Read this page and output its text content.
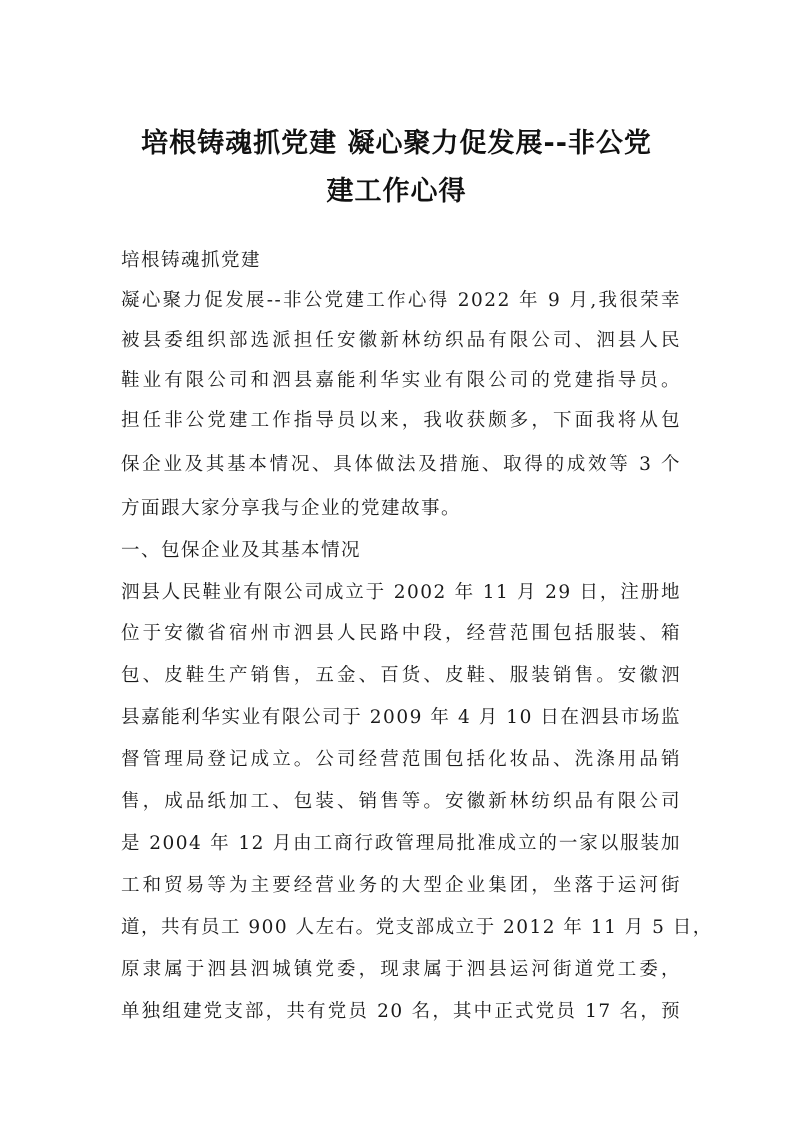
培根铸魂抓党建 凝心聚力促发展--非公党
建工作心得

培根铸魂抓党建

凝心聚力促发展--非公党建工作心得 2022 年 9 月,我很荣幸

被县委组织部选派担任安徽新林纺织品有限公司、泗县人民

鞋业有限公司和泗县嘉能利华实业有限公司的党建指导员。

担任非公党建工作指导员以来，我收获颇多，下面我将从包

保企业及其基本情况、具体做法及措施、取得的成效等 3 个

方面跟大家分享我与企业的党建故事。

一、包保企业及其基本情况

泗县人民鞋业有限公司成立于 2002 年 11 月 29 日，注册地

位于安徽省宿州市泗县人民路中段，经营范围包括服装、箱

包、皮鞋生产销售，五金、百货、皮鞋、服装销售。安徽泗

县嘉能利华实业有限公司于 2009 年 4 月 10 日在泗县市场监

督管理局登记成立。公司经营范围包括化妆品、洗涤用品销

售，成品纸加工、包装、销售等。安徽新林纺织品有限公司

是 2004 年 12 月由工商行政管理局批准成立的一家以服装加

工和贸易等为主要经营业务的大型企业集团，坐落于运河街

道，共有员工 900 人左右。党支部成立于 2012 年 11 月 5 日，

原隶属于泗县泗城镇党委，现隶属于泗县运河街道党工委，

单独组建党支部，共有党员 20 名，其中正式党员 17 名，预
